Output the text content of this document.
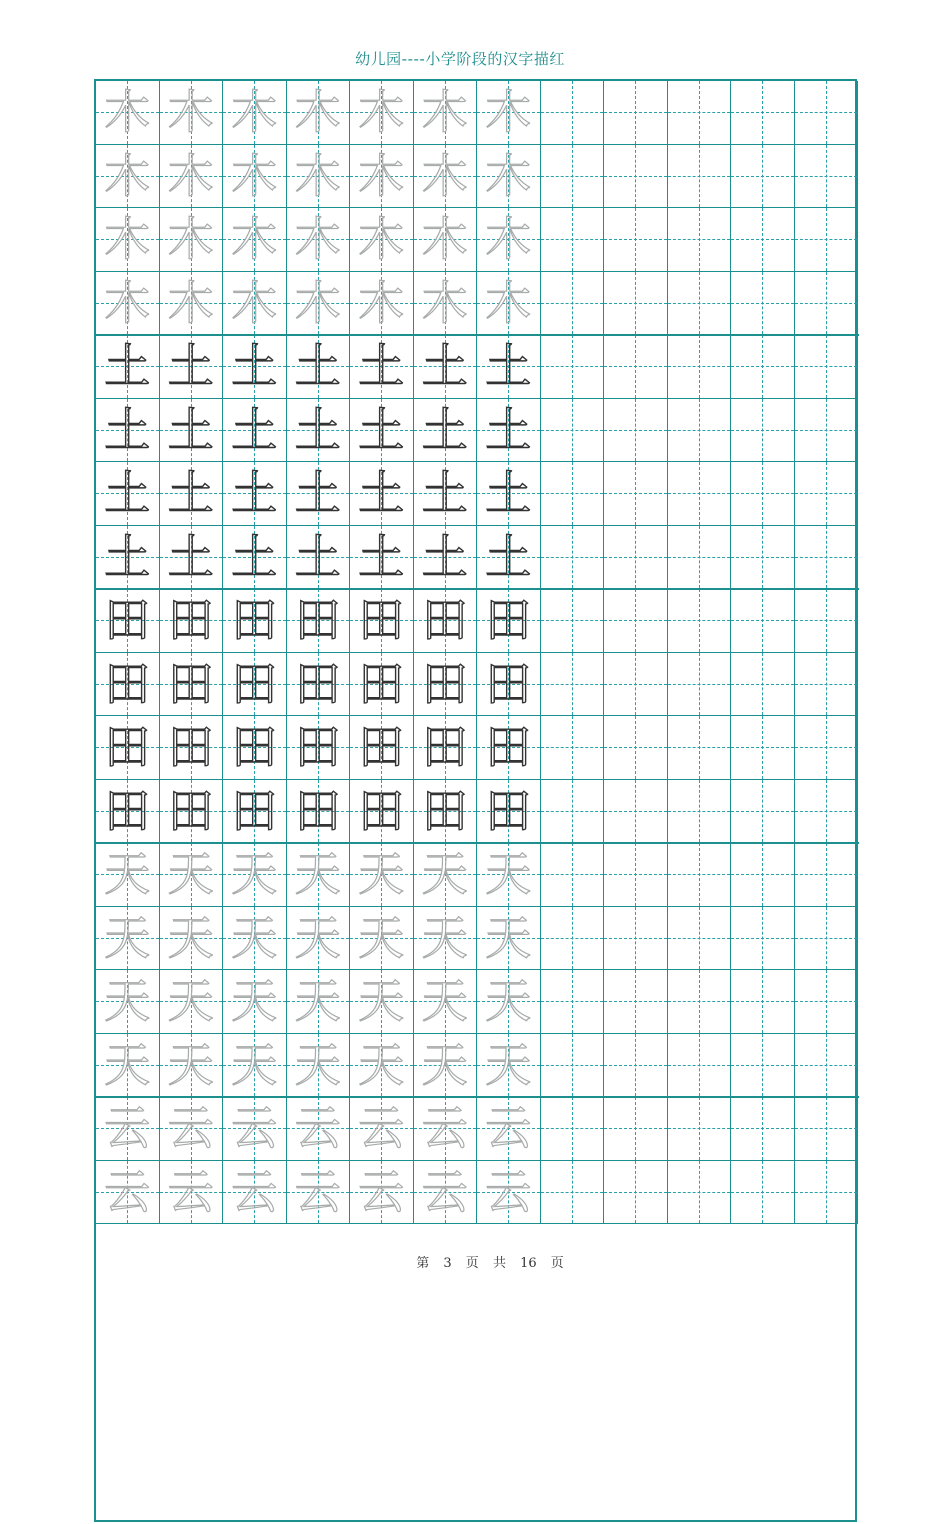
幼儿园----小学阶段的汉字描红
木 木 木 木 木 木 木
木 木 木 木 木 木 木
木 木 木 木 木 木 木
木 木 木 木 木 木 木
土 土 土 土 土 土 土
土 土 土 土 土 土 土
土 土 土 土 土 土 土
土 土 土 土 土 土 土
田 田 田 田 田 田 田
田 田 田 田 田 田 田
田 田 田 田 田 田 田
田 田 田 田 田 田 田
天 天 天 天 天 天 天
天 天 天 天 天 天 天
天 天 天 天 天 天 天
天 天 天 天 天 天 天
云 云 云 云 云 云 云
云 云 云 云 云 云 云
第 3 页 共 16 页
